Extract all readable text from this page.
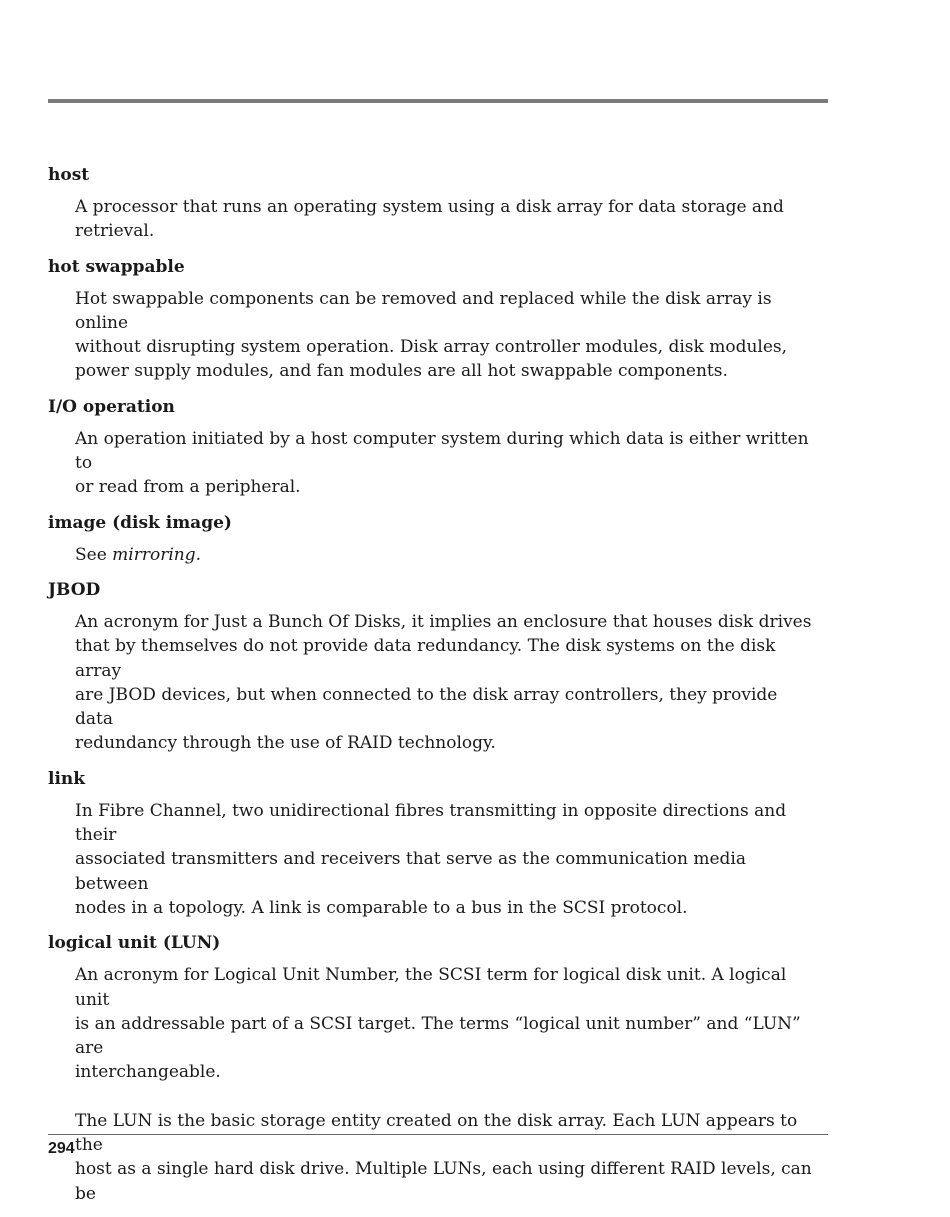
host
A processor that runs an operating system using a disk array for data storage and
retrieval.
hot swappable
Hot swappable components can be removed and replaced while the disk array is online
without disrupting system operation. Disk array controller modules, disk modules,
power supply modules, and fan modules are all hot swappable components.
I/O operation
An operation initiated by a host computer system during which data is either written to
or read from a peripheral.
image (disk image)
See mirroring.
JBOD
An acronym for Just a Bunch Of Disks, it implies an enclosure that houses disk drives
that by themselves do not provide data redundancy. The disk systems on the disk array
are JBOD devices, but when connected to the disk array controllers, they provide data
redundancy through the use of RAID technology.
link
In Fibre Channel, two unidirectional fibres transmitting in opposite directions and their
associated transmitters and receivers that serve as the communication media between
nodes in a topology. A link is comparable to a bus in the SCSI protocol.
logical unit (LUN)
An acronym for Logical Unit Number, the SCSI term for logical disk unit. A logical unit
is an addressable part of a SCSI target. The terms “logical unit number” and “LUN” are
interchangeable.
The LUN is the basic storage entity created on the disk array. Each LUN appears to the
host as a single hard disk drive. Multiple LUNs, each using different RAID levels, can be
294
